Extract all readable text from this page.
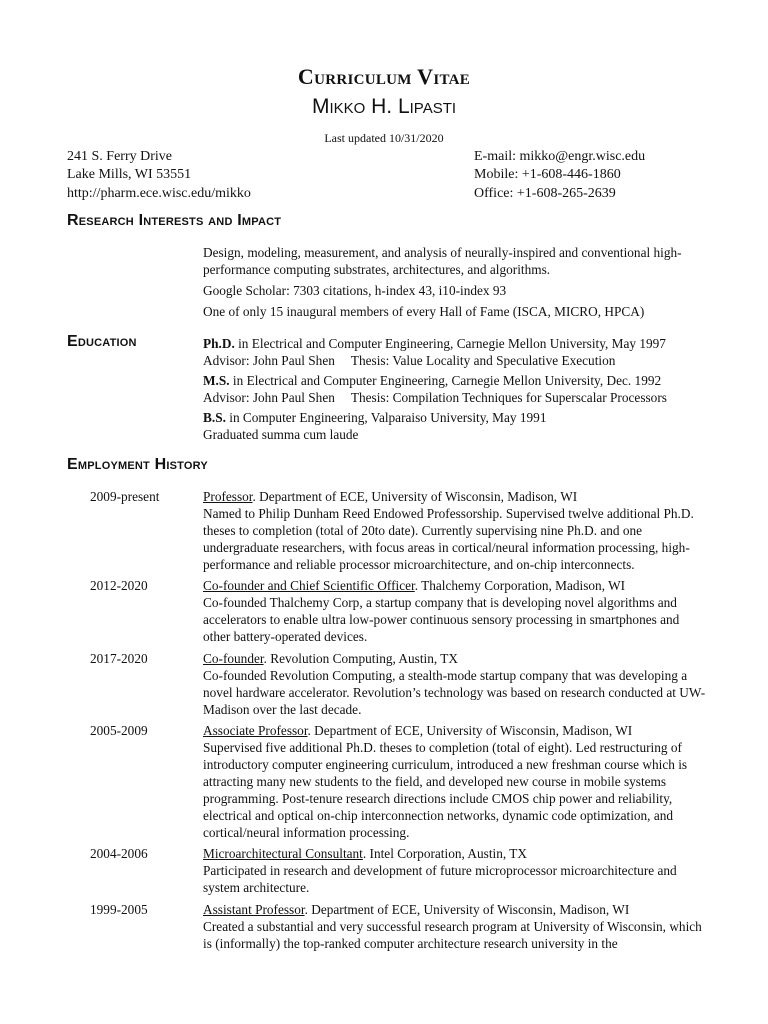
Curriculum Vitae
Mikko H. Lipasti
Last updated 10/31/2020
241 S. Ferry Drive
Lake Mills, WI 53551
http://pharm.ece.wisc.edu/mikko
E-mail: mikko@engr.wisc.edu
Mobile: +1-608-446-1860
Office: +1-608-265-2639
Research Interests and Impact

Design, modeling, measurement, and analysis of neurally-inspired and conventional high-performance computing substrates, architectures, and algorithms.

Google Scholar: 7303 citations, h-index 43, i10-index 93

One of only 15 inaugural members of every Hall of Fame (ISCA, MICRO, HPCA)

Education	Ph.D. in Electrical and Computer Engineering, Carnegie Mellon University, May 1997
Advisor: John Paul Shen Thesis: Value Locality and Speculative Execution
M.S. in Electrical and Computer Engineering, Carnegie Mellon University, Dec. 1992
Advisor: John Paul Shen Thesis: Compilation Techniques for Superscalar Processors
B.S. in Computer Engineering, Valparaiso University, May 1991
Graduated summa cum laude
Employment History
2009-present	Professor. Department of ECE, University of Wisconsin, Madison, WI
Named to Philip Dunham Reed Endowed Professorship. Supervised twelve additional Ph.D. theses to completion (total of 20to date). Currently supervising nine Ph.D. and one undergraduate researchers, with focus areas in cortical/neural information processing, high-performance and reliable processor microarchitecture, and on-chip interconnects.
2012-2020	Co-founder and Chief Scientific Officer. Thalchemy Corporation, Madison, WI
Co-founded Thalchemy Corp, a startup company that is developing novel algorithms and accelerators to enable ultra low-power continuous sensory processing in smartphones and other battery-operated devices.
2017-2020	Co-founder. Revolution Computing, Austin, TX
Co-founded Revolution Computing, a stealth-mode startup company that was developing a novel hardware accelerator. Revolution’s technology was based on research conducted at UW-Madison over the last decade.
2005-2009	Associate Professor. Department of ECE, University of Wisconsin, Madison, WI
Supervised five additional Ph.D. theses to completion (total of eight). Led restructuring of introductory computer engineering curriculum, introduced a new freshman course which is attracting many new students to the field, and developed new course in mobile systems programming. Post-tenure research directions include CMOS chip power and reliability, electrical and optical on-chip interconnection networks, dynamic code optimization, and cortical/neural information processing.
2004-2006	Microarchitectural Consultant. Intel Corporation, Austin, TX
Participated in research and development of future microprocessor microarchitecture and system architecture.
1999-2005	Assistant Professor. Department of ECE, University of Wisconsin, Madison, WI
Created a substantial and very successful research program at University of Wisconsin, which is (informally) the top-ranked computer architecture research university in the
